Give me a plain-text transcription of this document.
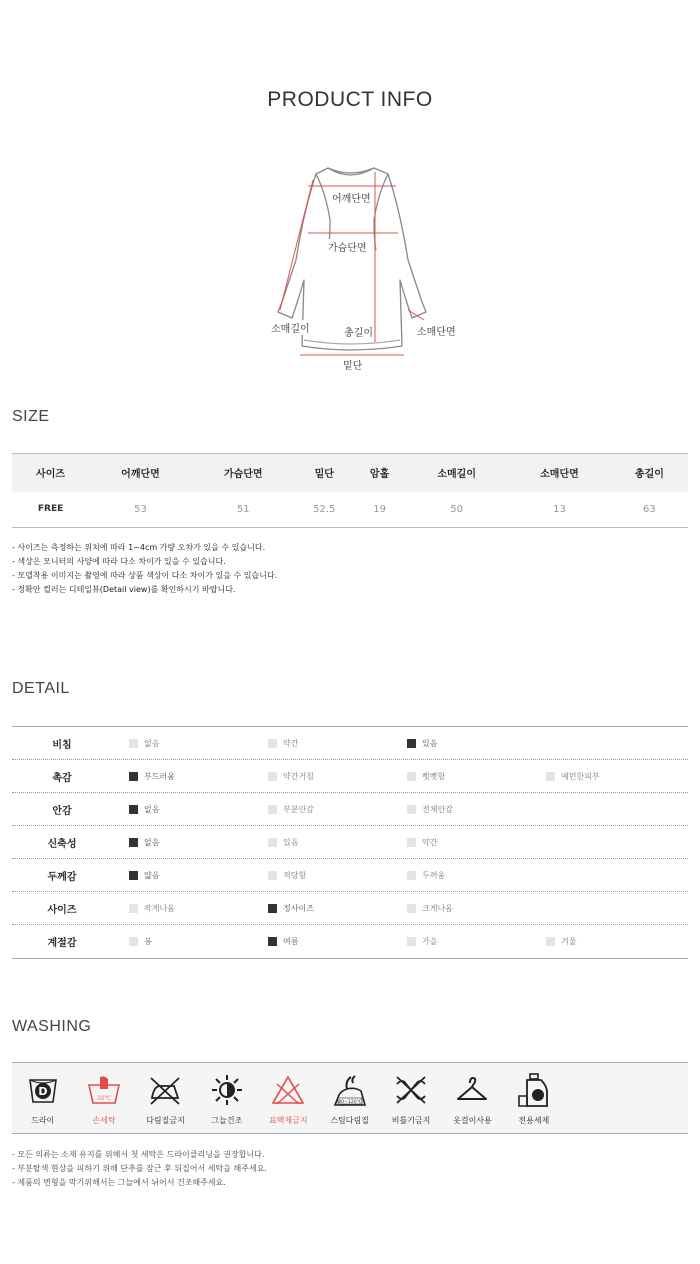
PRODUCT INFO
어깨단면
가슴단면
소매길이	총길이	소매단면
밑단
SIZE
사이즈	어깨단면	가슴단면	밑단	암홀	소매길이	소매단면	총길이
FREE	53	51	52.5	19	50	13	63
- 사이즈는 측정하는 위치에 따라 1~4cm 가량 오차가 있을 수 있습니다.
- 색상은 모니터의 사양에 따라 다소 차이가 있을 수 있습니다.
- 모델착용 이미지는 촬영에 따라 상품 색상이 다소 차이가 있을 수 있습니다.
- 정확안 컬러는 디테일뷰(Detail view)를 확인하시기 바랍니다.
DETAIL
비침	없음	약간	있음
촉감	부드러움	약간거침	뻣뻣함	예민한피부
안감	없음	부분안감	전체안감
신축성	없음	있음	약간
두께감	얇음	적당함	두꺼움
사이즈	작게나옴	정사이즈	크게나옴
계절감	봄	여름	가을	겨울
WASHING
D
드라이
30℃
손세탁	다림질금지	그늘건조	표백제금지
80~120℃
스팀다림질	비틀기금지	옷걸이사용	전용세제
- 모든 의류는 소재 유지를 위해서 첫 세탁은 드라이클리닝을 권장합니다.
- 부분탈색 현상을 피하기 위해 단추를 잠근 후 뒤집어서 세탁을 해주세요.
- 제품의 변형을 막기위해서는 그늘에서 뉘어서 건조해주세요.
